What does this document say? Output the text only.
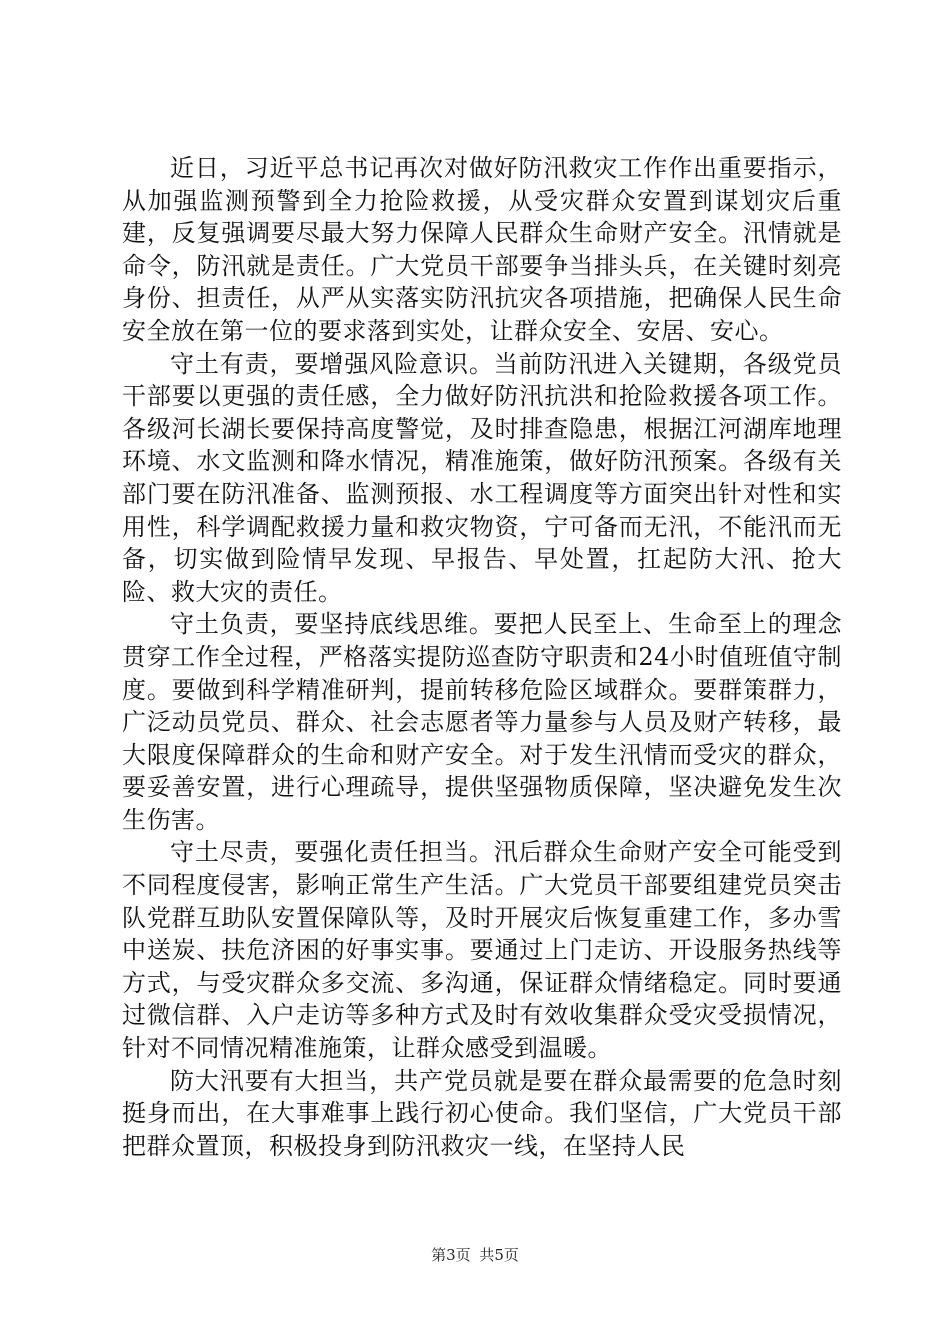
近日，习近平总书记再次对做好防汛救灾工作作出重要指示，从加强监测预警到全力抢险救援，从受灾群众安置到谋划灾后重建，反复强调要尽最大努力保障人民群众生命财产安全。汛情就是命令，防汛就是责任。广大党员干部要争当排头兵，在关键时刻亮身份、担责任，从严从实落实防汛抗灾各项措施，把确保人民生命安全放在第一位的要求落到实处，让群众安全、安居、安心。

守土有责，要增强风险意识。当前防汛进入关键期，各级党员干部要以更强的责任感，全力做好防汛抗洪和抢险救援各项工作。各级河长湖长要保持高度警觉，及时排查隐患，根据江河湖库地理环境、水文监测和降水情况，精准施策，做好防汛预案。各级有关部门要在防汛准备、监测预报、水工程调度等方面突出针对性和实用性，科学调配救援力量和救灾物资，宁可备而无汛，不能汛而无备，切实做到险情早发现、早报告、早处置，扛起防大汛、抢大险、救大灾的责任。

守土负责，要坚持底线思维。要把人民至上、生命至上的理念贯穿工作全过程，严格落实提防巡查防守职责和24小时值班值守制度。要做到科学精准研判，提前转移危险区域群众。要群策群力，广泛动员党员、群众、社会志愿者等力量参与人员及财产转移，最大限度保障群众的生命和财产安全。对于发生汛情而受灾的群众，要妥善安置，进行心理疏导，提供坚强物质保障，坚决避免发生次生伤害。

守土尽责，要强化责任担当。汛后群众生命财产安全可能受到不同程度侵害，影响正常生产生活。广大党员干部要组建党员突击队党群互助队安置保障队等，及时开展灾后恢复重建工作，多办雪中送炭、扶危济困的好事实事。要通过上门走访、开设服务热线等方式，与受灾群众多交流、多沟通，保证群众情绪稳定。同时要通过微信群、入户走访等多种方式及时有效收集群众受灾受损情况，针对不同情况精准施策，让群众感受到温暖。

防大汛要有大担当，共产党员就是要在群众最需要的危急时刻挺身而出，在大事难事上践行初心使命。我们坚信，广大党员干部把群众置顶，积极投身到防汛救灾一线，在坚持人民

第3页 共5页
